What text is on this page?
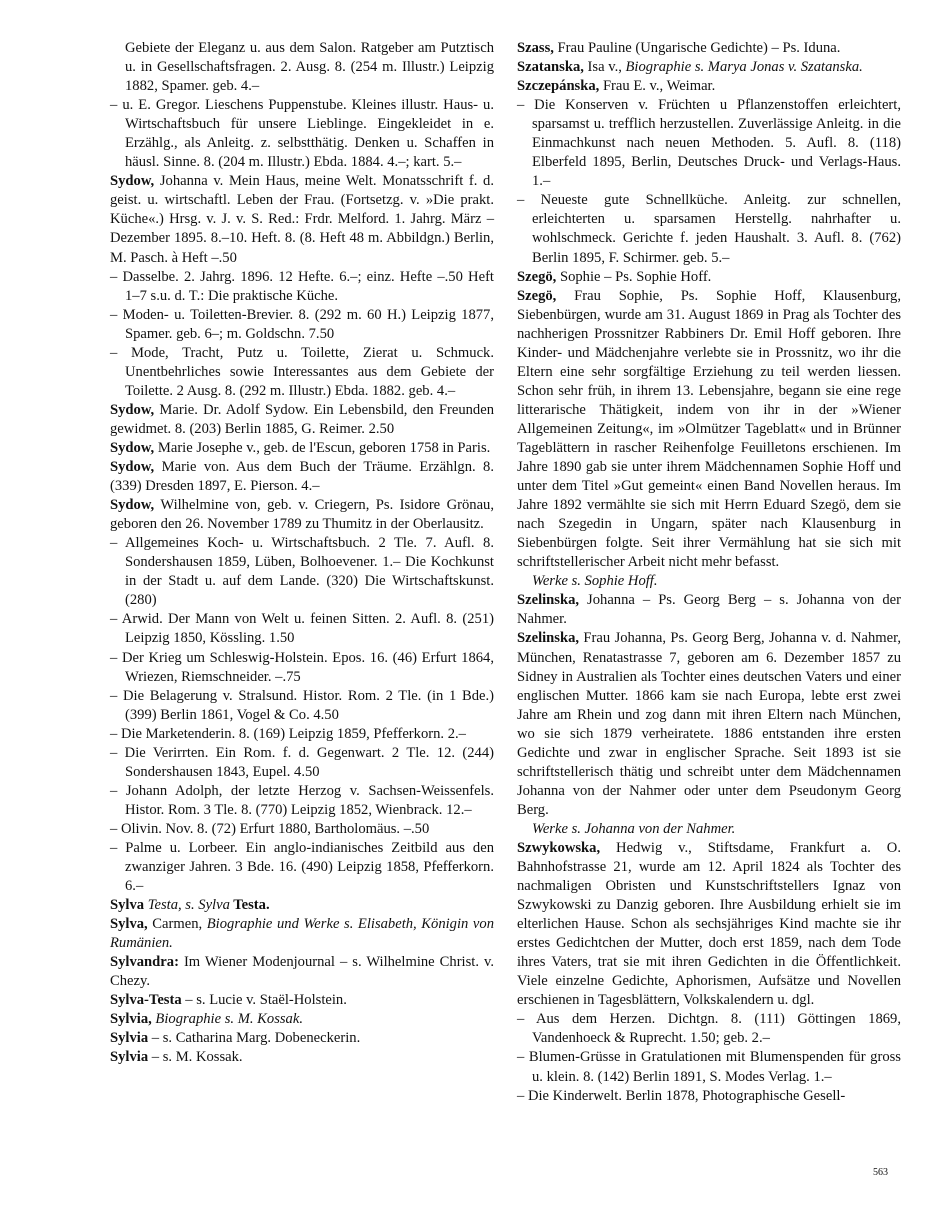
Gebiete der Eleganz u. aus dem Salon. Ratgeber am Putztisch u. in Gesellschaftsfragen. 2. Ausg. 8. (254 m. Illustr.) Leipzig 1882, Spamer. geb. 4.–

– u. E. Gregor. Lieschens Puppenstube. Kleines illustr. Haus- u. Wirtschaftsbuch für unsere Lieblinge. Eingekleidet in e. Erzählg., als Anleitg. z. selbstthätig. Denken u. Schaffen in häusl. Sinne. 8. (204 m. Illustr.) Ebda. 1884. 4.–; kart. 5.–

Sydow, Johanna v. Mein Haus, meine Welt. Monatsschrift f. d. geist. u. wirtschaftl. Leben der Frau. (Fortsetzg. v. »Die prakt. Küche«.) Hrsg. v. J. v. S. Red.: Frdr. Melford. 1. Jahrg. März – Dezember 1895. 8.–10. Heft. 8. (8. Heft 48 m. Abbildgn.) Berlin, M. Pasch. à Heft –.50

– Dasselbe. 2. Jahrg. 1896. 12 Hefte. 6.–; einz. Hefte –.50 Heft 1–7 s.u. d. T.: Die praktische Küche.

– Moden- u. Toiletten-Brevier. 8. (292 m. 60 H.) Leipzig 1877, Spamer. geb. 6–; m. Goldschn. 7.50

– Mode, Tracht, Putz u. Toilette, Zierat u. Schmuck. Unentbehrliches sowie Interessantes aus dem Gebiete der Toilette. 2 Ausg. 8. (292 m. Illustr.) Ebda. 1882. geb. 4.–

Sydow, Marie. Dr. Adolf Sydow. Ein Lebensbild, den Freunden gewidmet. 8. (203) Berlin 1885, G. Reimer. 2.50

Sydow, Marie Josephe v., geb. de l'Escun, geboren 1758 in Paris.

Sydow, Marie von. Aus dem Buch der Träume. Erzählgn. 8. (339) Dresden 1897, E. Pierson. 4.–

Sydow, Wilhelmine von, geb. v. Criegern, Ps. Isidore Grönau, geboren den 26. November 1789 zu Thumitz in der Oberlausitz.

– Allgemeines Koch- u. Wirtschaftsbuch. 2 Tle. 7. Aufl. 8. Sondershausen 1859, Lüben, Bolhoevener. 1.– Die Kochkunst in der Stadt u. auf dem Lande. (320) Die Wirtschaftskunst. (280)

– Arwid. Der Mann von Welt u. feinen Sitten. 2. Aufl. 8. (251) Leipzig 1850, Kössling. 1.50

– Der Krieg um Schleswig-Holstein. Epos. 16. (46) Erfurt 1864, Wriezen, Riemschneider. –.75

– Die Belagerung v. Stralsund. Histor. Rom. 2 Tle. (in 1 Bde.) (399) Berlin 1861, Vogel & Co. 4.50

– Die Marketenderin. 8. (169) Leipzig 1859, Pfefferkorn. 2.–

– Die Verirrten. Ein Rom. f. d. Gegenwart. 2 Tle. 12. (244) Sondershausen 1843, Eupel. 4.50

– Johann Adolph, der letzte Herzog v. Sachsen-Weissenfels. Histor. Rom. 3 Tle. 8. (770) Leipzig 1852, Wienbrack. 12.–

– Olivin. Nov. 8. (72) Erfurt 1880, Bartholomäus. –.50

– Palme u. Lorbeer. Ein anglo-indianisches Zeitbild aus den zwanziger Jahren. 3 Bde. 16. (490) Leipzig 1858, Pfefferkorn. 6.–

Sylva Testa, s. Sylva Testa.

Sylva, Carmen, Biographie und Werke s. Elisabeth, Königin von Rumänien.

Sylvandra: Im Wiener Modenjournal – s. Wilhelmine Christ. v. Chezy.

Sylva-Testa – s. Lucie v. Staël-Holstein.

Sylvia, Biographie s. M. Kossak.

Sylvia – s. Catharina Marg. Dobeneckerin.

Sylvia – s. M. Kossak.

Szass, Frau Pauline (Ungarische Gedichte) – Ps. Iduna.

Szatanska, Isa v., Biographie s. Marya Jonas v. Szatanska.

Szczepánska, Frau E. v., Weimar.

– Die Konserven v. Früchten u Pflanzenstoffen erleichtert, sparsamst u. trefflich herzustellen. Zuverlässige Anleitg. in die Einmachkunst nach neuen Methoden. 5. Aufl. 8. (118) Elberfeld 1895, Berlin, Deutsches Druck- und Verlags-Haus. 1.–

– Neueste gute Schnellküche. Anleitg. zur schnellen, erleichterten u. sparsamen Herstellg. nahrhafter u. wohlschmeck. Gerichte f. jeden Haushalt. 3. Aufl. 8. (762) Berlin 1895, F. Schirmer. geb. 5.–

Szegö, Sophie – Ps. Sophie Hoff.

Szegö, Frau Sophie, Ps. Sophie Hoff, Klausenburg, Siebenbürgen, wurde am 31. August 1869 in Prag als Tochter des nachherigen Prossnitzer Rabbiners Dr. Emil Hoff geboren. Ihre Kinder- und Mädchenjahre verlebte sie in Prossnitz, wo ihr die Eltern eine sehr sorgfältige Erziehung zu teil werden liessen. Schon sehr früh, in ihrem 13. Lebensjahre, begann sie eine rege litterarische Thätigkeit, indem von ihr in der »Wiener Allgemeinen Zeitung«, im »Olmützer Tageblatt« und in Brünner Tageblättern in rascher Reihenfolge Feuilletons erschienen. Im Jahre 1890 gab sie unter ihrem Mädchennamen Sophie Hoff und unter dem Titel »Gut gemeint« einen Band Novellen heraus. Im Jahre 1892 vermählte sie sich mit Herrn Eduard Szegö, dem sie nach Szegedin in Ungarn, später nach Klausenburg in Siebenbürgen folgte. Seit ihrer Vermählung hat sie sich mit schriftstellerischer Arbeit nicht mehr befasst.

Werke s. Sophie Hoff.

Szelinska, Johanna – Ps. Georg Berg – s. Johanna von der Nahmer.

Szelinska, Frau Johanna, Ps. Georg Berg, Johanna v. d. Nahmer, München, Renatastrasse 7, geboren am 6. Dezember 1857 zu Sidney in Australien als Tochter eines deutschen Vaters und einer englischen Mutter. 1866 kam sie nach Europa, lebte erst zwei Jahre am Rhein und zog dann mit ihren Eltern nach München, wo sie sich 1879 verheiratete. 1886 entstanden ihre ersten Gedichte und zwar in englischer Sprache. Seit 1893 ist sie schriftstellerisch thätig und schreibt unter dem Mädchennamen Johanna von der Nahmer oder unter dem Pseudonym Georg Berg.

Werke s. Johanna von der Nahmer.

Szwykowska, Hedwig v., Stiftsdame, Frankfurt a. O. Bahnhofstrasse 21, wurde am 12. April 1824 als Tochter des nachmaligen Obristen und Kunstschriftstellers Ignaz von Szwykowski zu Danzig geboren. Ihre Ausbildung erhielt sie im elterlichen Hause. Schon als sechsjähriges Kind machte sie ihr erstes Gedichtchen der Mutter, doch erst 1859, nach dem Tode ihres Vaters, trat sie mit ihren Gedichten in die Öffentlichkeit. Viele einzelne Gedichte, Aphorismen, Aufsätze und Novellen erschienen in Tagesblättern, Volkskalendern u. dgl.

– Aus dem Herzen. Dichtgn. 8. (111) Göttingen 1869, Vandenhoeck & Ruprecht. 1.50; geb. 2.–

– Blumen-Grüsse in Gratulationen mit Blumenspenden für gross u. klein. 8. (142) Berlin 1891, S. Modes Verlag. 1.–

– Die Kinderwelt. Berlin 1878, Photographische Gesell-

563
